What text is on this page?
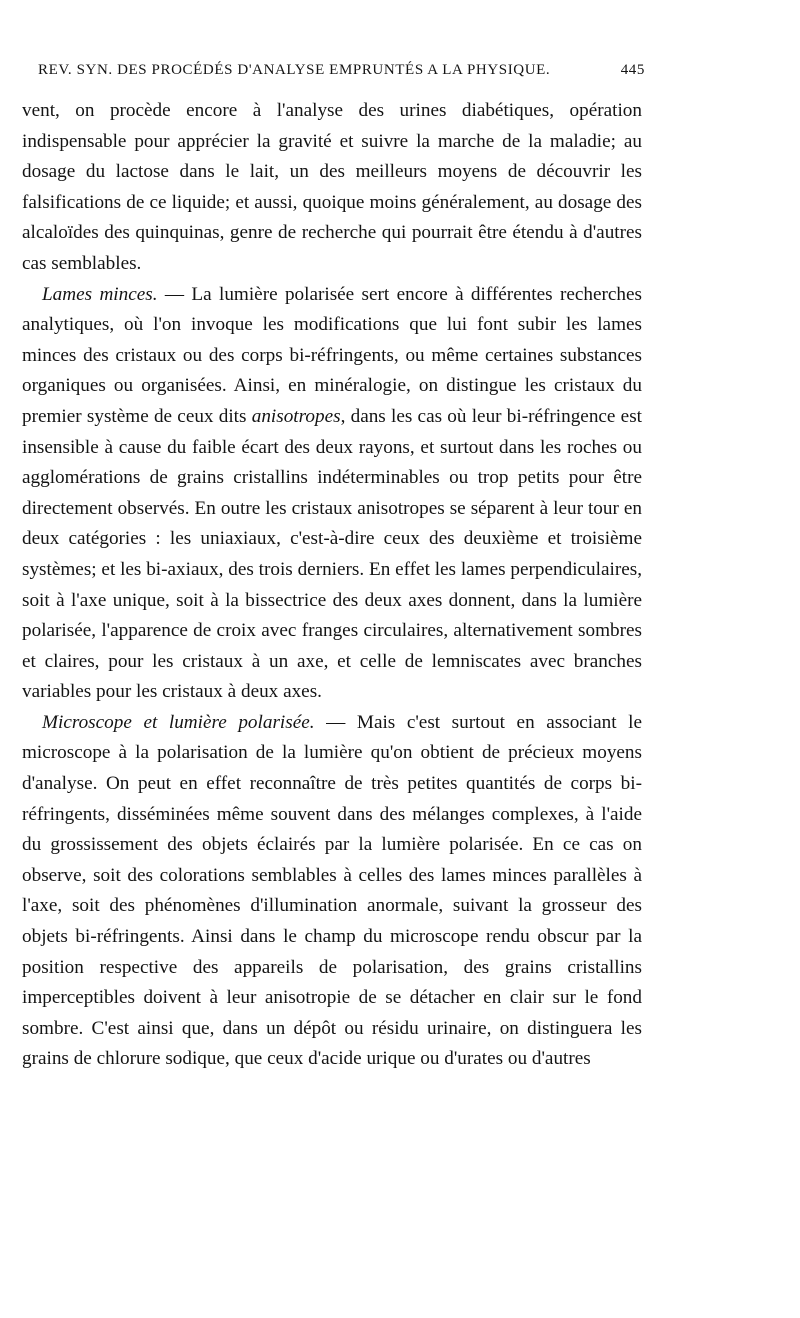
REV. SYN. DES PROCÉDÉS D'ANALYSE EMPRUNTÉS A LA PHYSIQUE.	445

vent, on procède encore à l'analyse des urines diabétiques, opération indispensable pour apprécier la gravité et suivre la marche de la maladie; au dosage du lactose dans le lait, un des meilleurs moyens de découvrir les falsifications de ce liquide; et aussi, quoique moins généralement, au dosage des alcaloïdes des quinquinas, genre de recherche qui pourrait être étendu à d'autres cas semblables.

Lames minces. — La lumière polarisée sert encore à différentes recherches analytiques, où l'on invoque les modifications que lui font subir les lames minces des cristaux ou des corps bi-réfringents, ou même certaines substances organiques ou organisées. Ainsi, en minéralogie, on distingue les cristaux du premier système de ceux dits anisotropes, dans les cas où leur bi-réfringence est insensible à cause du faible écart des deux rayons, et surtout dans les roches ou agglomérations de grains cristallins indéterminables ou trop petits pour être directement observés. En outre les cristaux anisotropes se séparent à leur tour en deux catégories : les uniaxiaux, c'est-à-dire ceux des deuxième et troisième systèmes; et les bi-axiaux, des trois derniers. En effet les lames perpendiculaires, soit à l'axe unique, soit à la bissectrice des deux axes donnent, dans la lumière polarisée, l'apparence de croix avec franges circulaires, alternativement sombres et claires, pour les cristaux à un axe, et celle de lemniscates avec branches variables pour les cristaux à deux axes.

Microscope et lumière polarisée. — Mais c'est surtout en associant le microscope à la polarisation de la lumière qu'on obtient de précieux moyens d'analyse. On peut en effet reconnaître de très petites quantités de corps bi-réfringents, disséminées même souvent dans des mélanges complexes, à l'aide du grossissement des objets éclairés par la lumière polarisée. En ce cas on observe, soit des colorations semblables à celles des lames minces parallèles à l'axe, soit des phénomènes d'illumination anormale, suivant la grosseur des objets bi-réfringents. Ainsi dans le champ du microscope rendu obscur par la position respective des appareils de polarisation, des grains cristallins imperceptibles doivent à leur anisotropie de se détacher en clair sur le fond sombre. C'est ainsi que, dans un dépôt ou résidu urinaire, on distinguera les grains de chlorure sodique, que ceux d'acide urique ou d'urates ou d'autres
